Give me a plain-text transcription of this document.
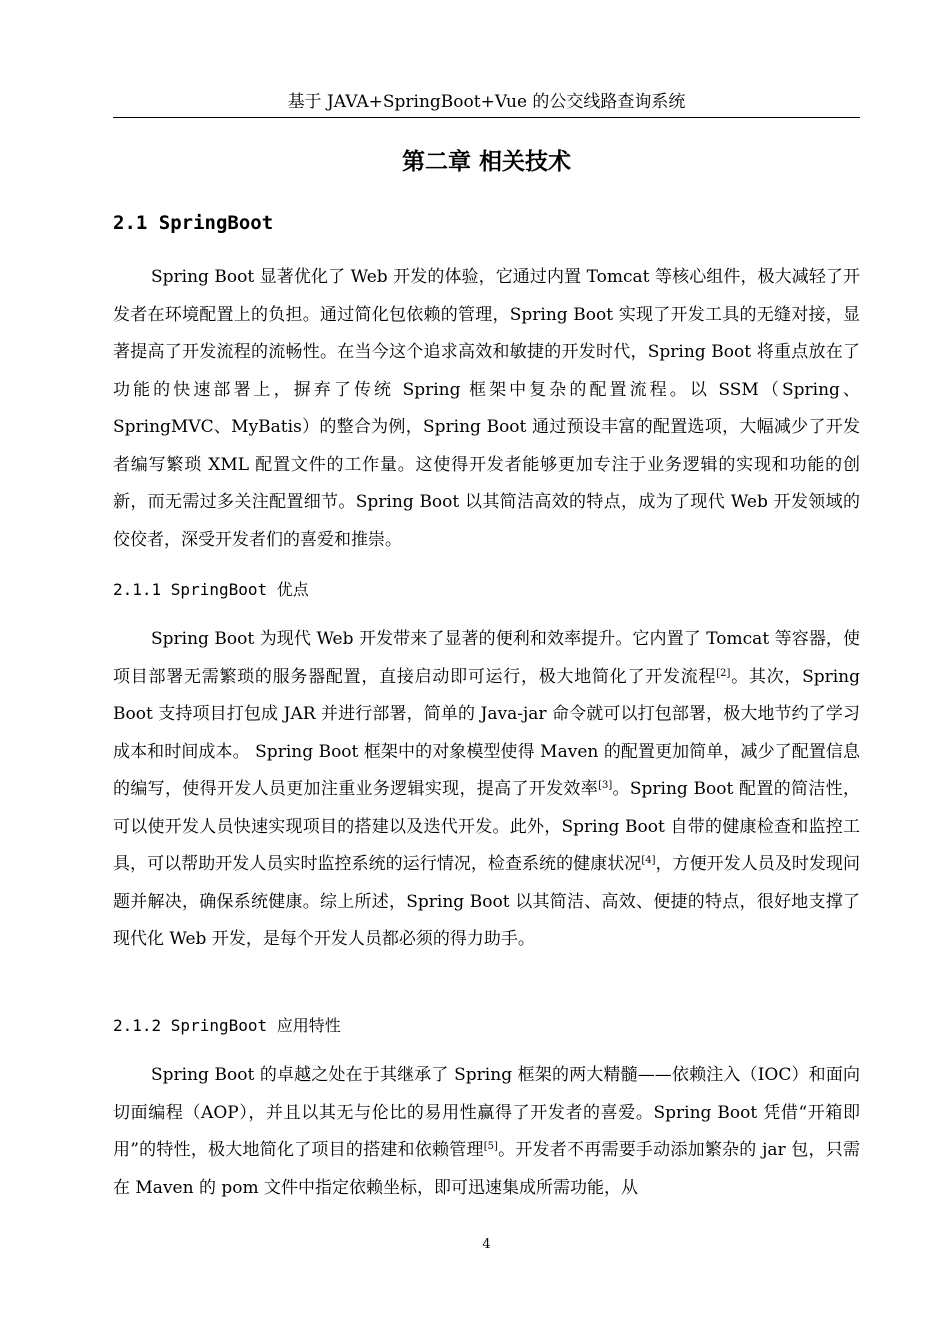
基于 JAVA+SpringBoot+Vue 的公交线路查询系统
第二章 相关技术
2.1 SpringBoot

Spring Boot 显著优化了 Web 开发的体验，它通过内置 Tomcat 等核心组件，极大减轻了开发者在环境配置上的负担。通过简化包依赖的管理，Spring Boot 实现了开发工具的无缝对接，显著提高了开发流程的流畅性。在当今这个追求高效和敏捷的开发时代，Spring Boot 将重点放在了功能的快速部署上，摒弃了传统 Spring 框架中复杂的配置流程。以 SSM（Spring、SpringMVC、MyBatis）的整合为例，Spring Boot 通过预设丰富的配置选项，大幅减少了开发者编写繁琐 XML 配置文件的工作量。这使得开发者能够更加专注于业务逻辑的实现和功能的创新，而无需过多关注配置细节。Spring Boot 以其简洁高效的特点，成为了现代 Web 开发领域的佼佼者，深受开发者们的喜爱和推崇。

2.1.1 SpringBoot 优点

Spring Boot 为现代 Web 开发带来了显著的便利和效率提升。它内置了 Tomcat 等容器，使项目部署无需繁琐的服务器配置，直接启动即可运行，极大地简化了开发流程[2]。其次，Spring Boot 支持项目打包成 JAR 并进行部署，简单的 Java-jar 命令就可以打包部署，极大地节约了学习成本和时间成本。 Spring Boot 框架中的对象模型使得 Maven 的配置更加简单，减少了配置信息的编写，使得开发人员更加注重业务逻辑实现，提高了开发效率[3]。Spring Boot 配置的简洁性，可以使开发人员快速实现项目的搭建以及迭代开发。此外，Spring Boot 自带的健康检查和监控工具，可以帮助开发人员实时监控系统的运行情况，检查系统的健康状况[4]，方便开发人员及时发现问题并解决，确保系统健康。综上所述，Spring Boot 以其简洁、高效、便捷的特点，很好地支撑了现代化 Web 开发，是每个开发人员都必须的得力助手。

2.1.2 SpringBoot 应用特性

Spring Boot 的卓越之处在于其继承了 Spring 框架的两大精髓——依赖注入（IOC）和面向切面编程（AOP），并且以其无与伦比的易用性赢得了开发者的喜爱。Spring Boot 凭借“开箱即用”的特性，极大地简化了项目的搭建和依赖管理[5]。开发者不再需要手动添加繁杂的 jar 包，只需在 Maven 的 pom 文件中指定依赖坐标，即可迅速集成所需功能，从

4
